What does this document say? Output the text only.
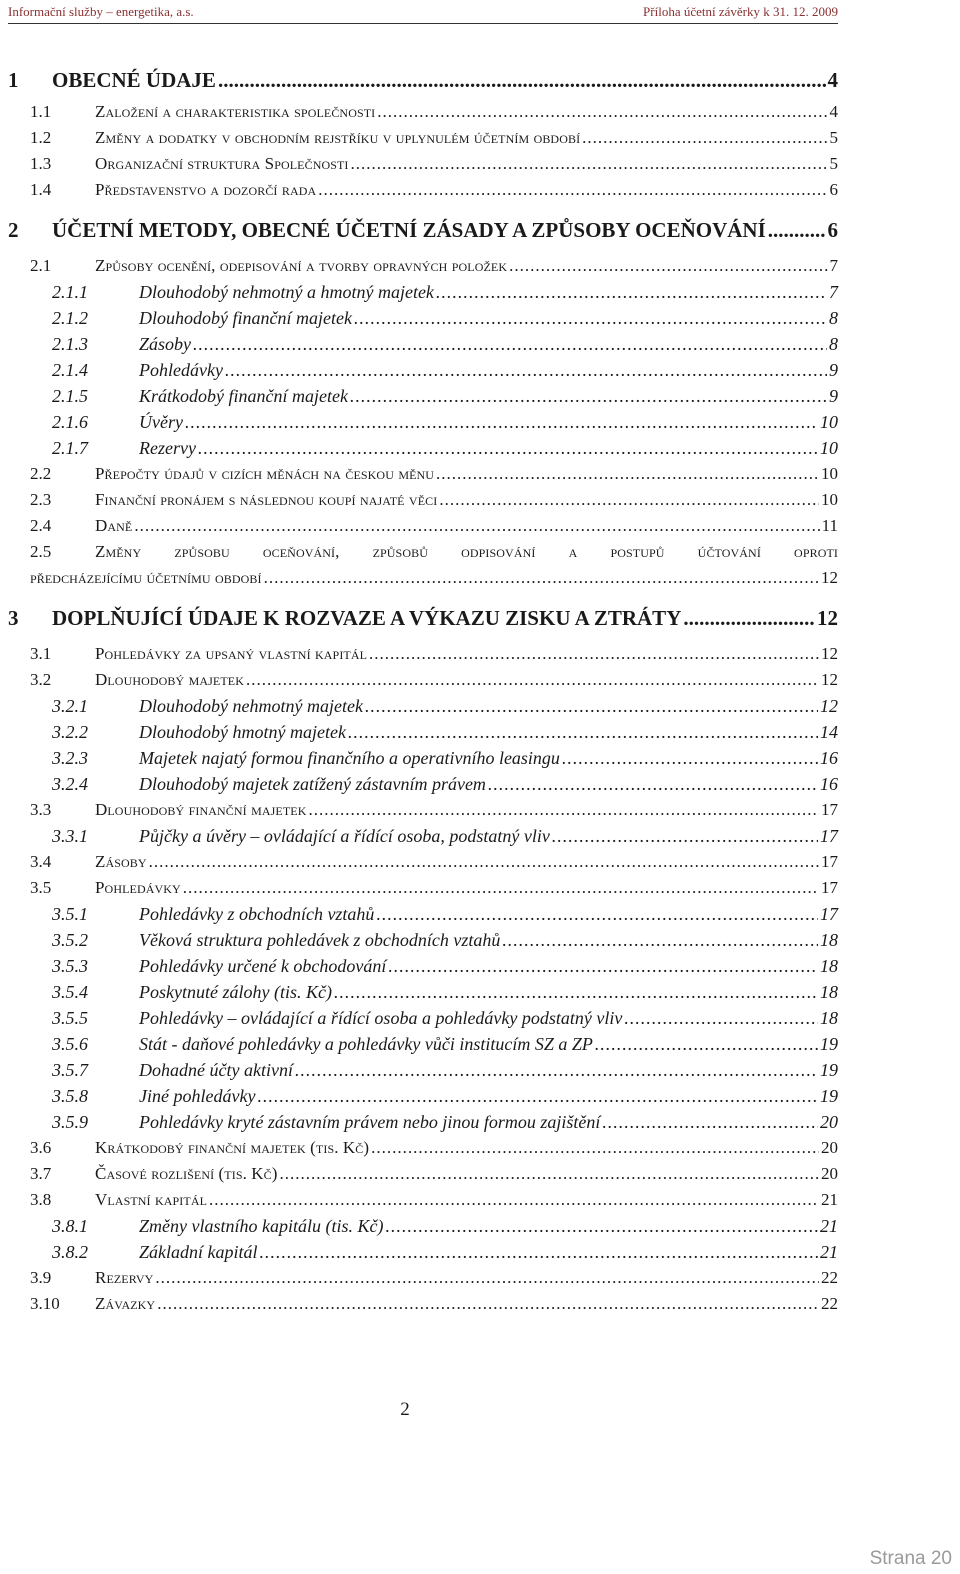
Informační služby – energetika, a.s.	Příloha účetní závěrky k 31. 12. 2009
1 OBECNÉ ÚDAJE .....	4
1.1	Založení a charakteristika společnosti .....	4
1.2	Změny a dodatky v obchodním rejstříku v uplynulém účetním období .....	5
1.3	Organizační struktura Společnosti .....	5
1.4	Představenstvo a dozorčí rada .....	6
2 ÚČETNÍ METODY, OBECNÉ ÚČETNÍ ZÁSADY A ZPŮSOBY OCEŇOVÁNÍ .....	6
2.1	Způsoby ocenění, odepisování a tvorby opravných položek .....	7
2.1.1	Dlouhodobý nehmotný a hmotný majetek .....	7
2.1.2	Dlouhodobý finanční majetek .....	8
2.1.3	Zásoby .....	8
2.1.4	Pohledávky .....	9
2.1.5	Krátkodobý finanční majetek .....	9
2.1.6	Úvěry .....	10
2.1.7	Rezervy .....	10
2.2	Přepočty údajů v cizích měnách na českou měnu .....	10
2.3	Finanční pronájem s následnou koupí najaté věci .....	10
2.4	Daně .....	11
2.5	Změny způsobu oceňování, způsobů odpisování a postupů účtování oproti
předcházejícímu účetnímu období .....	12
3 DOPLŇUJÍCÍ ÚDAJE K ROZVAZE A VÝKAZU ZISKU A ZTRÁTY .....	12
3.1	Pohledávky za upsaný vlastní kapitál .....	12
3.2	Dlouhodobý majetek .....	12
3.2.1	Dlouhodobý nehmotný majetek .....	12
3.2.2	Dlouhodobý hmotný majetek .....	14
3.2.3	Majetek najatý formou finančního a operativního leasingu .....	16
3.2.4	Dlouhodobý majetek zatížený zástavním právem .....	16
3.3	Dlouhodobý finanční majetek .....	17
3.3.1	Půjčky a úvěry – ovládající a řídící osoba, podstatný vliv .....	17
3.4	Zásoby .....	17
3.5	Pohledávky .....	17
3.5.1	Pohledávky z obchodních vztahů .....	17
3.5.2	Věková struktura pohledávek z obchodních vztahů .....	18
3.5.3	Pohledávky určené k obchodování .....	18
3.5.4	Poskytnuté zálohy (tis. Kč) .....	18
3.5.5	Pohledávky – ovládající a řídící osoba a pohledávky podstatný vliv .....	18
3.5.6	Stát - daňové pohledávky a pohledávky vůči institucím SZ a ZP .....	19
3.5.7	Dohadné účty aktivní .....	19
3.5.8	Jiné pohledávky .....	19
3.5.9	Pohledávky kryté zástavním právem nebo jinou formou zajištění .....	20
3.6	Krátkodobý finanční majetek (tis. Kč) .....	20
3.7	Časové rozlišení (tis. Kč) .....	20
3.8	Vlastní kapitál .....	21
3.8.1	Změny vlastního kapitálu (tis. Kč) .....	21
3.8.2	Základní kapitál .....	21
3.9	Rezervy .....	22
3.10 Závazky .....	22
2
Strana 20
